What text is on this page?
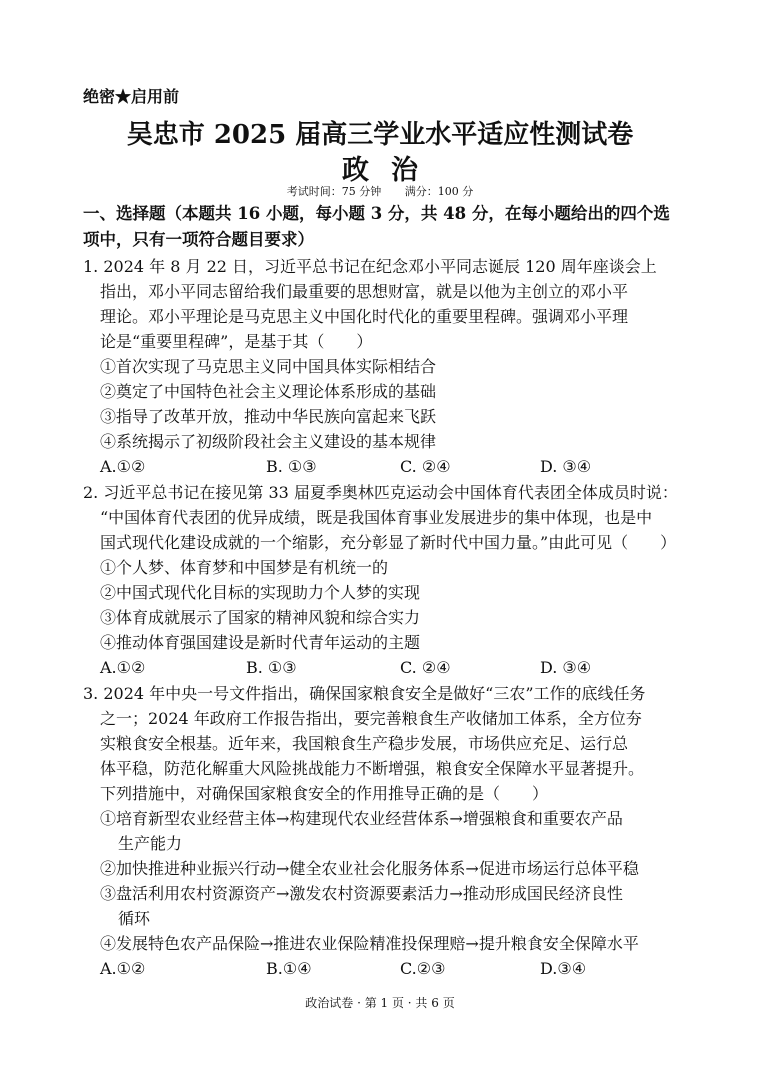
绝密★启用前
吴忠市 2025 届高三学业水平适应性测试卷
政治
考试时间：75 分钟 满分：100 分
一、选择题（本题共 16 小题，每小题 3 分，共 48 分，在每小题给出的四个选
项中，只有一项符合题目要求）
1. 2024 年 8 月 22 日，习近平总书记在纪念邓小平同志诞辰 120 周年座谈会上
指出，邓小平同志留给我们最重要的思想财富，就是以他为主创立的邓小平
理论。邓小平理论是马克思主义中国化时代化的重要里程碑。强调邓小平理
论是“重要里程碑”，是基于其（　　）
①首次实现了马克思主义同中国具体实际相结合
②奠定了中国特色社会主义理论体系形成的基础
③指导了改革开放，推动中华民族向富起来飞跃
④系统揭示了初级阶段社会主义建设的基本规律
A.①②	B. ①③	C. ②④	D. ③④
2. 习近平总书记在接见第 33 届夏季奥林匹克运动会中国体育代表团全体成员时说：
“中国体育代表团的优异成绩，既是我国体育事业发展进步的集中体现，也是中
国式现代化建设成就的一个缩影，充分彰显了新时代中国力量。”由此可见（　　）
①个人梦、体育梦和中国梦是有机统一的
②中国式现代化目标的实现助力个人梦的实现
③体育成就展示了国家的精神风貌和综合实力
④推动体育强国建设是新时代青年运动的主题
A.①②	B. ①③	C. ②④	D. ③④
3. 2024 年中央一号文件指出，确保国家粮食安全是做好“三农”工作的底线任务
之一；2024 年政府工作报告指出，要完善粮食生产收储加工体系，全方位夯
实粮食安全根基。近年来，我国粮食生产稳步发展，市场供应充足、运行总
体平稳，防范化解重大风险挑战能力不断增强，粮食安全保障水平显著提升。
下列措施中，对确保国家粮食安全的作用推导正确的是（　　）
①培育新型农业经营主体→构建现代农业经营体系→增强粮食和重要农产品
生产能力
②加快推进种业振兴行动→健全农业社会化服务体系→促进市场运行总体平稳
③盘活利用农村资源资产→激发农村资源要素活力→推动形成国民经济良性
循环
④发展特色农产品保险→推进农业保险精准投保理赔→提升粮食安全保障水平
A.①②	B.①④	C.②③	D.③④
政治试卷 · 第 1 页 · 共 6 页
